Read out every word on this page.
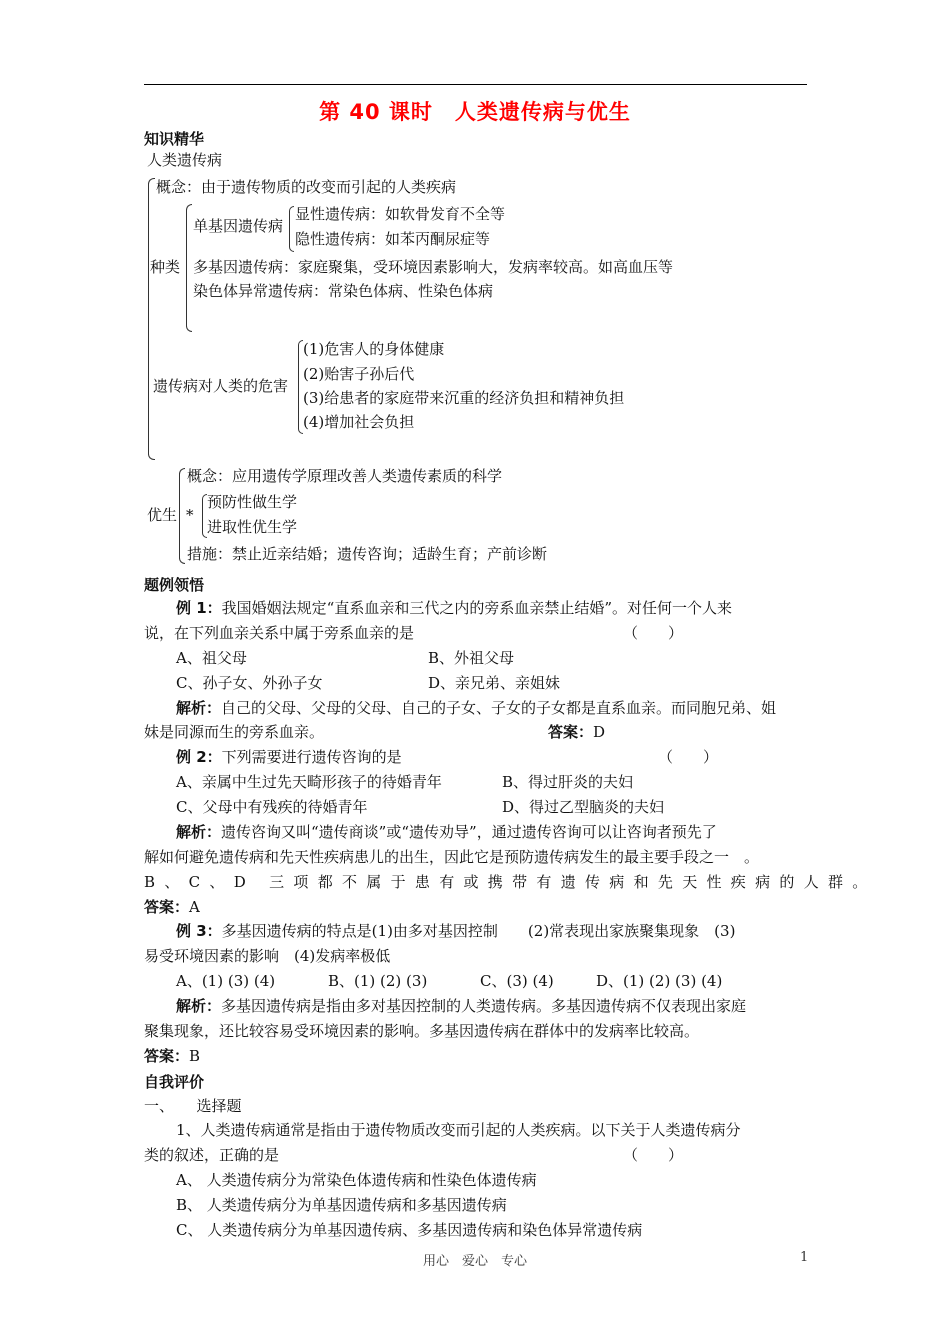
第 40 课时　人类遗传病与优生
知识精华
人类遗传病
概念：由于遗传物质的改变而引起的人类疾病
种类
单基因遗传病
显性遗传病：如软骨发育不全等
隐性遗传病：如苯丙酮尿症等
多基因遗传病：家庭聚集，受环境因素影响大，发病率较高。如高血压等
染色体异常遗传病：常染色体病、性染色体病
遗传病对人类的危害
(1)危害人的身体健康
(2)贻害子孙后代
(3)给患者的家庭带来沉重的经济负担和精神负担
(4)增加社会负担
优生
概念：应用遗传学原理改善人类遗传素质的科学
*
预防性做生学
进取性优生学
措施：禁止近亲结婚；遗传咨询；适龄生育；产前诊断
题例领悟
例 1：我国婚姻法规定“直系血亲和三代之内的旁系血亲禁止结婚”。对任何一个人来
说，在下列血亲关系中属于旁系血亲的是	（　　）
A、祖父母	B、外祖父母
C、孙子女、外孙子女	D、亲兄弟、亲姐妹
解析：自己的父母、父母的父母、自己的子女、子女的子女都是直系血亲。而同胞兄弟、姐
妹是同源而生的旁系血亲。	答案：D
例 2：下列需要进行遗传咨询的是	（　　）
A、亲属中生过先天畸形孩子的待婚青年	B、得过肝炎的夫妇
C、父母中有残疾的待婚青年	D、得过乙型脑炎的夫妇
解析：遗传咨询又叫“遗传商谈”或“遗传劝导”，通过遗传咨询可以让咨询者预先了
解如何避免遗传病和先天性疾病患儿的出生，因此它是预防遗传病发生的最主要手段之一　。
B、C、D 三项都不属于患有或携带有遗传病和先天性疾病的人群。
答案：A
例 3：多基因遗传病的特点是(1)由多对基因控制　　(2)常表现出家族聚集现象　(3)
易受环境因素的影响　(4)发病率极低
A、(1) (3) (4)	B、(1) (2) (3)	C、(3) (4)	D、(1) (2) (3) (4)
解析：多基因遗传病是指由多对基因控制的人类遗传病。多基因遗传病不仅表现出家庭
聚集现象，还比较容易受环境因素的影响。多基因遗传病在群体中的发病率比较高。
答案：B
自我评价
一、　　选择题
1、人类遗传病通常是指由于遗传物质改变而引起的人类疾病。以下关于人类遗传病分
类的叙述，正确的是	（　　）
A、 人类遗传病分为常染色体遗传病和性染色体遗传病
B、 人类遗传病分为单基因遗传病和多基因遗传病
C、 人类遗传病分为单基因遗传病、多基因遗传病和染色体异常遗传病
用心　爱心　专心	1
